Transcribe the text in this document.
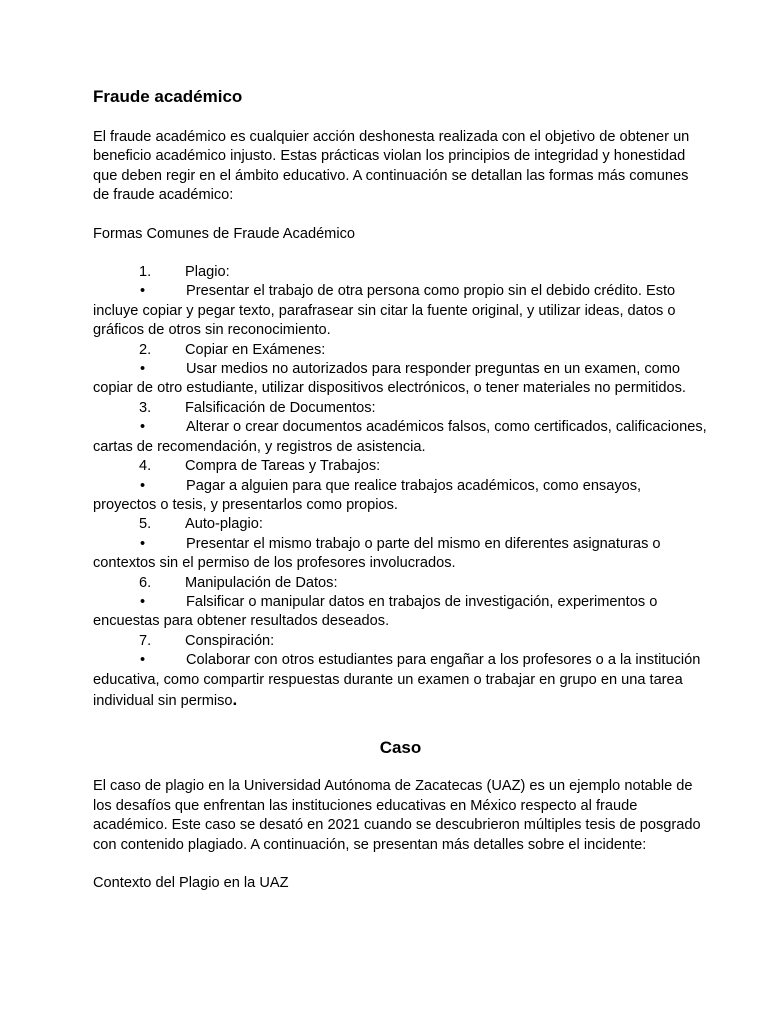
Fraude académico

El fraude académico es cualquier acción deshonesta realizada con el objetivo de obtener un beneficio académico injusto. Estas prácticas violan los principios de integridad y honestidad que deben regir en el ámbito educativo. A continuación se detallan las formas más comunes de fraude académico:

Formas Comunes de Fraude Académico

1.	Plagio:

•	Presentar el trabajo de otra persona como propio sin el debido crédito. Esto incluye copiar y pegar texto, parafrasear sin citar la fuente original, y utilizar ideas, datos o gráficos de otros sin reconocimiento.

2.	Copiar en Exámenes:

•	Usar medios no autorizados para responder preguntas en un examen, como copiar de otro estudiante, utilizar dispositivos electrónicos, o tener materiales no permitidos.

3.	Falsificación de Documentos:

•	Alterar o crear documentos académicos falsos, como certificados, calificaciones, cartas de recomendación, y registros de asistencia.

4.	Compra de Tareas y Trabajos:

•	Pagar a alguien para que realice trabajos académicos, como ensayos, proyectos o tesis, y presentarlos como propios.

5.	Auto-plagio:

•	Presentar el mismo trabajo o parte del mismo en diferentes asignaturas o contextos sin el permiso de los profesores involucrados.

6.	Manipulación de Datos:

•	Falsificar o manipular datos en trabajos de investigación, experimentos o encuestas para obtener resultados deseados.

7.	Conspiración:

•	Colaborar con otros estudiantes para engañar a los profesores o a la institución educativa, como compartir respuestas durante un examen o trabajar en grupo en una tarea individual sin permiso.

Caso

El caso de plagio en la Universidad Autónoma de Zacatecas (UAZ) es un ejemplo notable de los desafíos que enfrentan las instituciones educativas en México respecto al fraude académico. Este caso se desató en 2021 cuando se descubrieron múltiples tesis de posgrado con contenido plagiado. A continuación, se presentan más detalles sobre el incidente:

Contexto del Plagio en la UAZ
